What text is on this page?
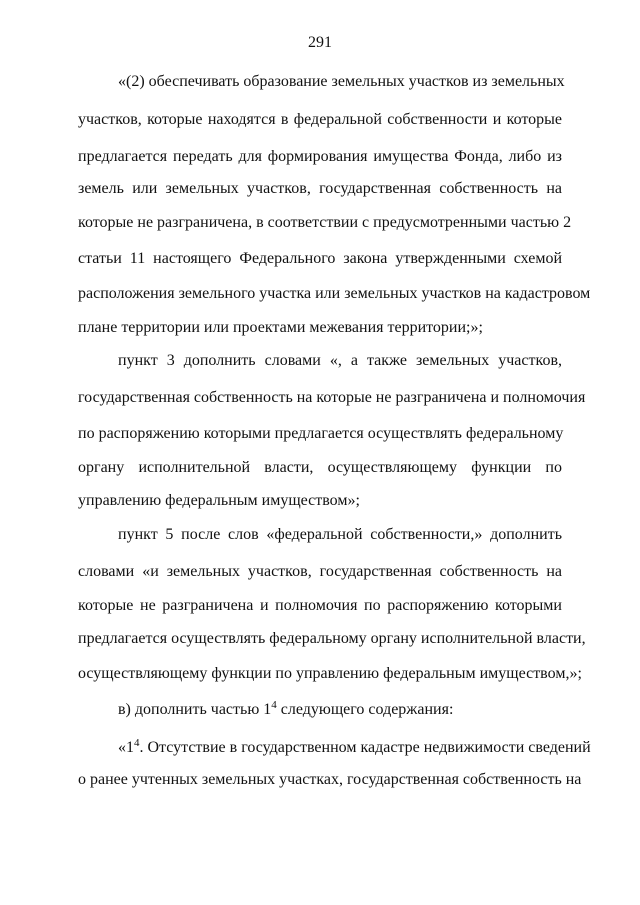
291
«(2) обеспечивать образование земельных участков из земельных
участков, которые находятся в федеральной собственности и которые
предлагается передать для формирования имущества Фонда, либо из
земель или земельных участков, государственная собственность на
которые не разграничена, в соответствии с предусмотренными частью 2
статьи 11 настоящего Федерального закона утвержденными схемой
расположения земельного участка или земельных участков на кадастровом
плане территории или проектами межевания территории;»;
пункт 3 дополнить словами «, а также земельных участков,
государственная собственность на которые не разграничена и полномочия
по распоряжению которыми предлагается осуществлять федеральному
органу исполнительной власти, осуществляющему функции по
управлению федеральным имуществом»;
пункт 5 после слов «федеральной собственности,» дополнить
словами «и земельных участков, государственная собственность на
которые не разграничена и полномочия по распоряжению которыми
предлагается осуществлять федеральному органу исполнительной власти,
осуществляющему функции по управлению федеральным имуществом,»;
в) дополнить частью $1^4$ следующего содержания:
«$1^4$. Отсутствие в государственном кадастре недвижимости сведений
о ранее учтенных земельных участках, государственная собственность на
